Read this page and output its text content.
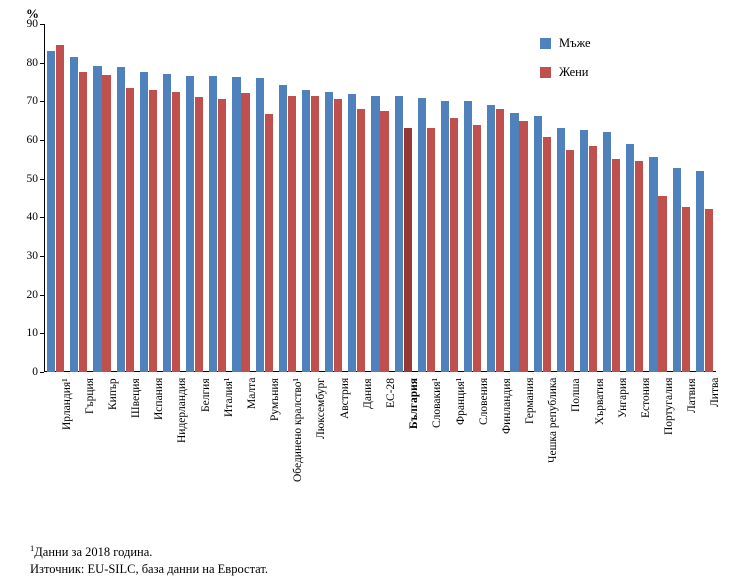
%
90
80
70
60
50
40
30
20
10
0
Ирландия¹ Гърция Кипър Швеция Испания Нидерландия Белгия Италия¹ Малта Румъния Обединено кралство¹ Люксембург Австрия Дания ЕС-28 България Словакия¹ Франция¹ Словения Финландия Германия Чешка република Полша Хърватия Унгария Естония Португалия Латвия Литва
Мъже
Жени
$^1$Данни за 2018 година.
Източник: EU-SILC, база данни на Евростат.
